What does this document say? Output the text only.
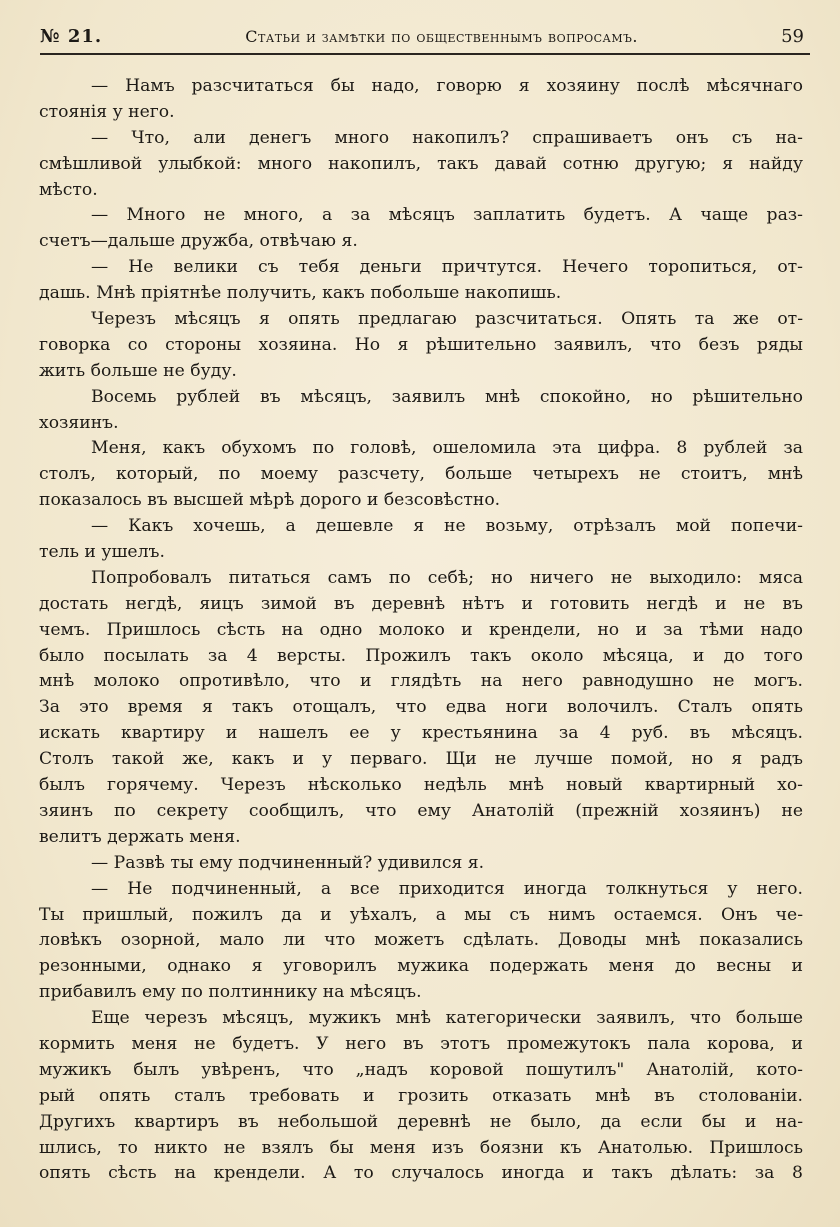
№ 21.	Статьи и замѣтки по общественнымъ вопросамъ.	59
— Намъ разсчитаться бы надо, говорю я хозяину послѣ мѣсячнаго
стоянія у него.
— Что, али денегъ много накопилъ? спрашиваетъ онъ съ на-
смѣшливой улыбкой: много накопилъ, такъ давай сотню другую; я найду
мѣсто.
— Много не много, а за мѣсяцъ заплатить будетъ. А чаще раз-
счетъ—дальше дружба, отвѣчаю я.
— Не велики съ тебя деньги причтутся. Нечего торопиться, от-
дашь. Мнѣ пріятнѣе получить, какъ побольше накопишь.
Черезъ мѣсяцъ я опять предлагаю разсчитаться. Опять та же от-
говорка со стороны хозяина. Но я рѣшительно заявилъ, что безъ ряды
жить больше не буду.
Восемь рублей въ мѣсяцъ, заявилъ мнѣ спокойно, но рѣшительно
хозяинъ.
Меня, какъ обухомъ по головѣ, ошеломила эта цифра. 8 рублей за
столъ, который, по моему разсчету, больше четырехъ не стоитъ, мнѣ
показалось въ высшей мѣрѣ дорого и безсовѣстно.
— Какъ хочешь, а дешевле я не возьму, отрѣзалъ мой попечи-
тель и ушелъ.
Попробовалъ питаться самъ по себѣ; но ничего не выходило: мяса
достать негдѣ, яицъ зимой въ деревнѣ нѣтъ и готовить негдѣ и не въ
чемъ. Пришлось сѣсть на одно молоко и крендели, но и за тѣми надо
было посылать за 4 версты. Прожилъ такъ около мѣсяца, и до того
мнѣ молоко опротивѣло, что и глядѣть на него равнодушно не могъ.
За это время я такъ отощалъ, что едва ноги волочилъ. Сталъ опять
искать квартиру и нашелъ ее у крестьянина за 4 руб. въ мѣсяцъ.
Столъ такой же, какъ и у перваго. Щи не лучше помой, но я радъ
былъ горячему. Черезъ нѣсколько недѣль мнѣ новый квартирный хо-
зяинъ по секрету сообщилъ, что ему Анатолій (прежній хозяинъ) не
велитъ держать меня.
— Развѣ ты ему подчиненный? удивился я.
— Не подчиненный, а все приходится иногда толкнуться у него.
Ты пришлый, пожилъ да и уѣхалъ, а мы съ нимъ остаемся. Онъ че-
ловѣкъ озорной, мало ли что можетъ сдѣлать. Доводы мнѣ показались
резонными, однако я уговорилъ мужика подержать меня до весны и
прибавилъ ему по полтиннику на мѣсяцъ.
Еще черезъ мѣсяцъ, мужикъ мнѣ категорически заявилъ, что больше
кормить меня не будетъ. У него въ этотъ промежутокъ пала корова, и
мужикъ былъ увѣренъ, что „надъ коровой пошутилъ" Анатолій, кото-
рый опять сталъ требовать и грозить отказать мнѣ въ столованіи.
Другихъ квартиръ въ небольшой деревнѣ не было, да если бы и на-
шлись, то никто не взялъ бы меня изъ боязни къ Анатолью. Пришлось
опять сѣсть на крендели. А то случалось иногда и такъ дѣлать: за 8
